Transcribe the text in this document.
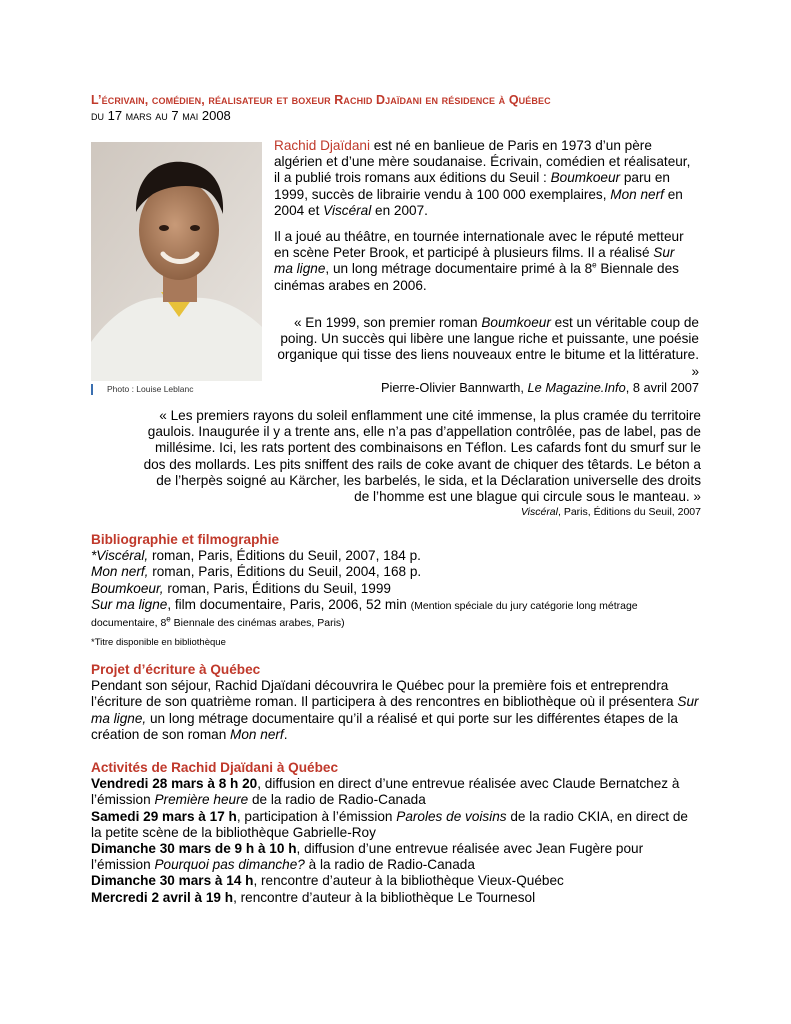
L’écrivain, comédien, réalisateur et boxeur Rachid Djaïdani en résidence à Québec
du 17 mars au 7 mai 2008
Photo : Louise Leblanc

Rachid Djaïdani est né en banlieue de Paris en 1973 d’un père algérien et d’une mère soudanaise. Écrivain, comédien et réalisateur, il a publié trois romans aux éditions du Seuil : Boumkoeur paru en 1999, succès de librairie vendu à 100 000 exemplaires, Mon nerf en 2004 et Viscéral en 2007.

Il a joué au théâtre, en tournée internationale avec le réputé metteur en scène Peter Brook, et participé à plusieurs films. Il a réalisé Sur ma ligne, un long métrage documentaire primé à la 8e Biennale des cinémas arabes en 2006.

« En 1999, son premier roman Boumkoeur est un véritable coup de poing. Un succès qui libère une langue riche et puissante, une poésie organique qui tisse des liens nouveaux entre le bitume et la littérature. »
Pierre-Olivier Bannwarth, Le Magazine.Info, 8 avril 2007
« Les premiers rayons du soleil enflamment une cité immense, la plus cramée du territoire gaulois. Inaugurée il y a trente ans, elle n’a pas d’appellation contrôlée, pas de label, pas de millésime. Ici, les rats portent des combinaisons en Téflon. Les cafards font du smurf sur le dos des mollards. Les pits sniffent des rails de coke avant de chiquer des têtards. Le béton a de l’herpès soigné au Kärcher, les barbelés, le sida, et la Déclaration universelle des droits de l’homme est une blague qui circule sous le manteau. »
Viscéral, Paris, Éditions du Seuil, 2007
Bibliographie et filmographie
*Viscéral, roman, Paris, Éditions du Seuil, 2007, 184 p.
Mon nerf, roman, Paris, Éditions du Seuil, 2004, 168 p.
Boumkoeur, roman, Paris, Éditions du Seuil, 1999
Sur ma ligne, film documentaire, Paris, 2006, 52 min (Mention spéciale du jury catégorie long métrage documentaire, 8e Biennale des cinémas arabes, Paris)
*Titre disponible en bibliothèque
Projet d’écriture à Québec
Pendant son séjour, Rachid Djaïdani découvrira le Québec pour la première fois et entreprendra l’écriture de son quatrième roman. Il participera à des rencontres en bibliothèque où il présentera Sur ma ligne, un long métrage documentaire qu’il a réalisé et qui porte sur les différentes étapes de la création de son roman Mon nerf.
Activités de Rachid Djaïdani à Québec
Vendredi 28 mars à 8 h 20, diffusion en direct d’une entrevue réalisée avec Claude Bernatchez à l’émission Première heure de la radio de Radio-Canada
Samedi 29 mars à 17 h, participation à l’émission Paroles de voisins de la radio CKIA, en direct de la petite scène de la bibliothèque Gabrielle-Roy
Dimanche 30 mars de 9 h à 10 h, diffusion d’une entrevue réalisée avec Jean Fugère pour l’émission Pourquoi pas dimanche? à la radio de Radio-Canada
Dimanche 30 mars à 14 h, rencontre d’auteur à la bibliothèque Vieux-Québec
Mercredi 2 avril à 19 h, rencontre d’auteur à la bibliothèque Le Tournesol
